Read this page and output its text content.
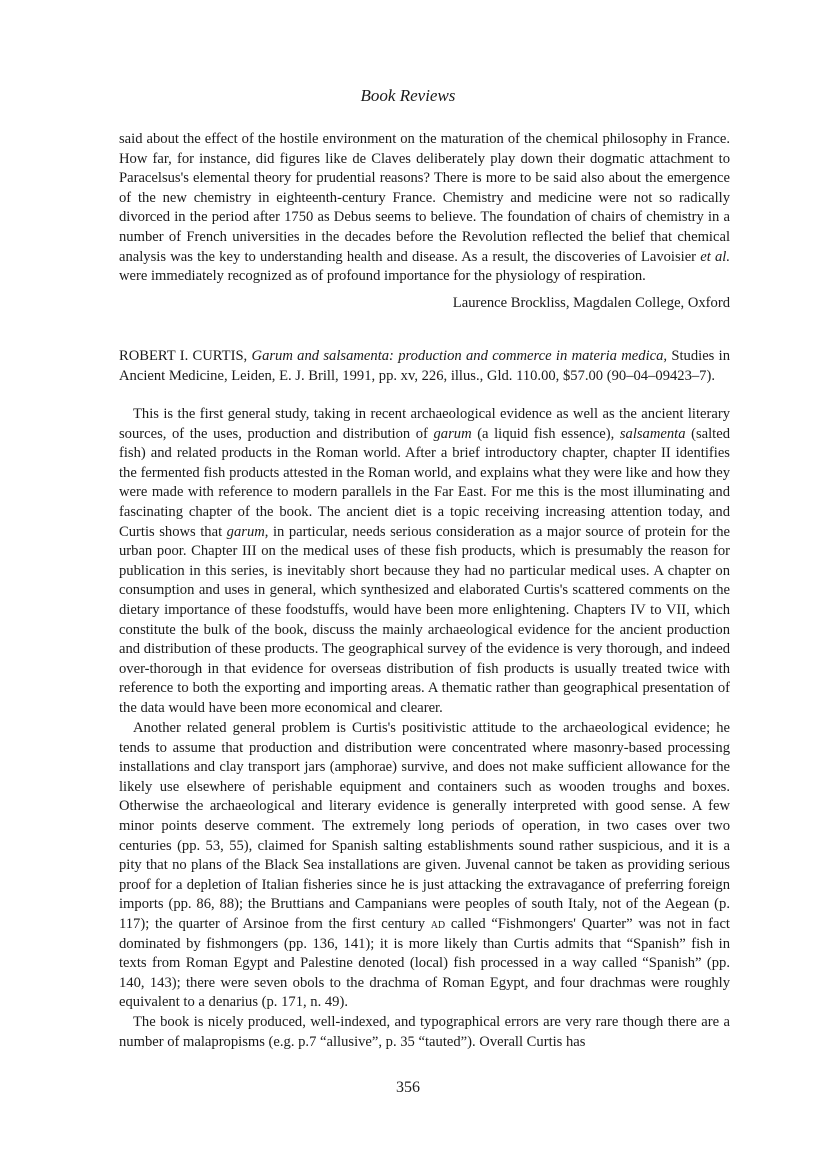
Book Reviews

said about the effect of the hostile environment on the maturation of the chemical philosophy in France. How far, for instance, did figures like de Claves deliberately play down their dogmatic attachment to Paracelsus's elemental theory for prudential reasons? There is more to be said also about the emergence of the new chemistry in eighteenth-century France. Chemistry and medicine were not so radically divorced in the period after 1750 as Debus seems to believe. The foundation of chairs of chemistry in a number of French universities in the decades before the Revolution reflected the belief that chemical analysis was the key to understanding health and disease. As a result, the discoveries of Lavoisier et al. were immediately recognized as of profound importance for the physiology of respiration.

Laurence Brockliss, Magdalen College, Oxford

ROBERT I. CURTIS, Garum and salsamenta: production and commerce in materia medica, Studies in Ancient Medicine, Leiden, E. J. Brill, 1991, pp. xv, 226, illus., Gld. 110.00, $57.00 (90–04–09423–7).

This is the first general study, taking in recent archaeological evidence as well as the ancient literary sources, of the uses, production and distribution of garum (a liquid fish essence), salsamenta (salted fish) and related products in the Roman world. After a brief introductory chapter, chapter II identifies the fermented fish products attested in the Roman world, and explains what they were like and how they were made with reference to modern parallels in the Far East. For me this is the most illuminating and fascinating chapter of the book. The ancient diet is a topic receiving increasing attention today, and Curtis shows that garum, in particular, needs serious consideration as a major source of protein for the urban poor. Chapter III on the medical uses of these fish products, which is presumably the reason for publication in this series, is inevitably short because they had no particular medical uses. A chapter on consumption and uses in general, which synthesized and elaborated Curtis's scattered comments on the dietary importance of these foodstuffs, would have been more enlightening. Chapters IV to VII, which constitute the bulk of the book, discuss the mainly archaeological evidence for the ancient production and distribution of these products. The geographical survey of the evidence is very thorough, and indeed over-thorough in that evidence for overseas distribution of fish products is usually treated twice with reference to both the exporting and importing areas. A thematic rather than geographical presentation of the data would have been more economical and clearer.

Another related general problem is Curtis's positivistic attitude to the archaeological evidence; he tends to assume that production and distribution were concentrated where masonry-based processing installations and clay transport jars (amphorae) survive, and does not make sufficient allowance for the likely use elsewhere of perishable equipment and containers such as wooden troughs and boxes. Otherwise the archaeological and literary evidence is generally interpreted with good sense. A few minor points deserve comment. The extremely long periods of operation, in two cases over two centuries (pp. 53, 55), claimed for Spanish salting establishments sound rather suspicious, and it is a pity that no plans of the Black Sea installations are given. Juvenal cannot be taken as providing serious proof for a depletion of Italian fisheries since he is just attacking the extravagance of preferring foreign imports (pp. 86, 88); the Bruttians and Campanians were peoples of south Italy, not of the Aegean (p. 117); the quarter of Arsinoe from the first century ad called “Fishmongers' Quarter” was not in fact dominated by fishmongers (pp. 136, 141); it is more likely than Curtis admits that “Spanish” fish in texts from Roman Egypt and Palestine denoted (local) fish processed in a way called “Spanish” (pp. 140, 143); there were seven obols to the drachma of Roman Egypt, and four drachmas were roughly equivalent to a denarius (p. 171, n. 49).

The book is nicely produced, well-indexed, and typographical errors are very rare though there are a number of malapropisms (e.g. p.7 “allusive”, p. 35 “tauted”). Overall Curtis has

356
